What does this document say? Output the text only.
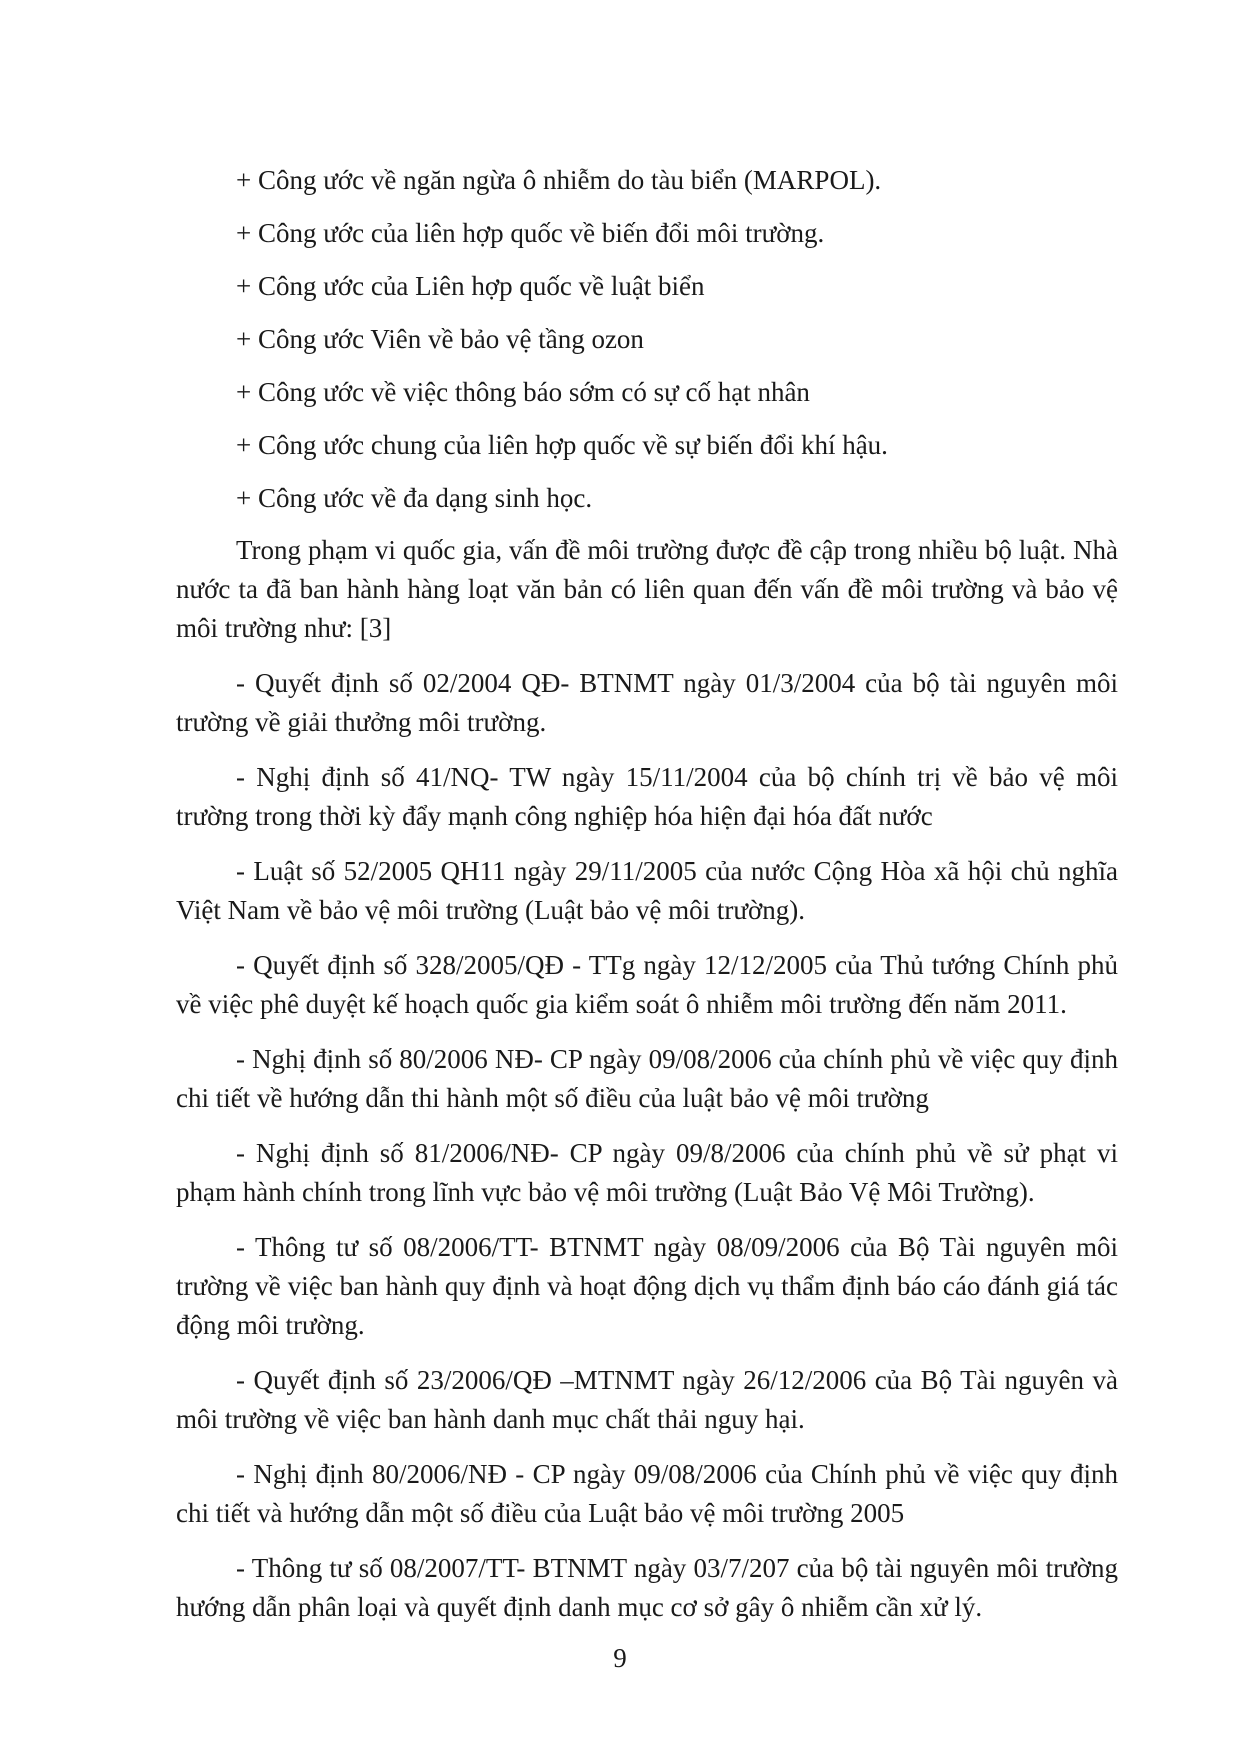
+ Công ước về ngăn ngừa ô nhiễm do tàu biển (MARPOL).
+ Công ước của liên hợp quốc về biến đổi môi trường.
+ Công ước của Liên hợp quốc về luật biển
+ Công ước Viên về bảo vệ tầng ozon
+ Công ước về việc thông báo sớm có sự cố hạt nhân
+ Công ước chung của liên hợp quốc về sự biến đổi khí hậu.
+ Công ước về đa dạng sinh học.

Trong phạm vi quốc gia, vấn đề môi trường được đề cập trong nhiều bộ luật. Nhà nước ta đã ban hành hàng loạt văn bản có liên quan đến vấn đề môi trường và bảo vệ môi trường như: [3]

- Quyết định số 02/2004 QĐ- BTNMT ngày 01/3/2004 của bộ tài nguyên môi trường về giải thưởng môi trường.

- Nghị định số 41/NQ- TW ngày 15/11/2004 của bộ chính trị về bảo vệ môi trường trong thời kỳ đẩy mạnh công nghiệp hóa hiện đại hóa đất nước

- Luật số 52/2005 QH11 ngày 29/11/2005 của nước Cộng Hòa xã hội chủ nghĩa Việt Nam về bảo vệ môi trường (Luật bảo vệ môi trường).

- Quyết định số 328/2005/QĐ - TTg ngày 12/12/2005 của Thủ tướng Chính phủ về việc phê duyệt kế hoạch quốc gia kiểm soát ô nhiễm môi trường đến năm 2011.

- Nghị định số 80/2006 NĐ- CP ngày 09/08/2006 của chính phủ về việc quy định chi tiết về hướng dẫn thi hành một số điều của luật bảo vệ môi trường

- Nghị định số 81/2006/NĐ- CP ngày 09/8/2006 của chính phủ về sử phạt vi phạm hành chính trong lĩnh vực bảo vệ môi trường (Luật Bảo Vệ Môi Trường).

- Thông tư số 08/2006/TT- BTNMT ngày 08/09/2006 của Bộ Tài nguyên môi trường về việc ban hành quy định và hoạt động dịch vụ thẩm định báo cáo đánh giá tác động môi trường.

- Quyết định số 23/2006/QĐ –MTNMT ngày 26/12/2006 của Bộ Tài nguyên và môi trường về việc ban hành danh mục chất thải nguy hại.

- Nghị định 80/2006/NĐ - CP ngày 09/08/2006 của Chính phủ về việc quy định chi tiết và hướng dẫn một số điều của Luật bảo vệ môi trường 2005

- Thông tư số 08/2007/TT- BTNMT ngày 03/7/207 của bộ tài nguyên môi trường hướng dẫn phân loại và quyết định danh mục cơ sở gây ô nhiễm cần xử lý.

9
